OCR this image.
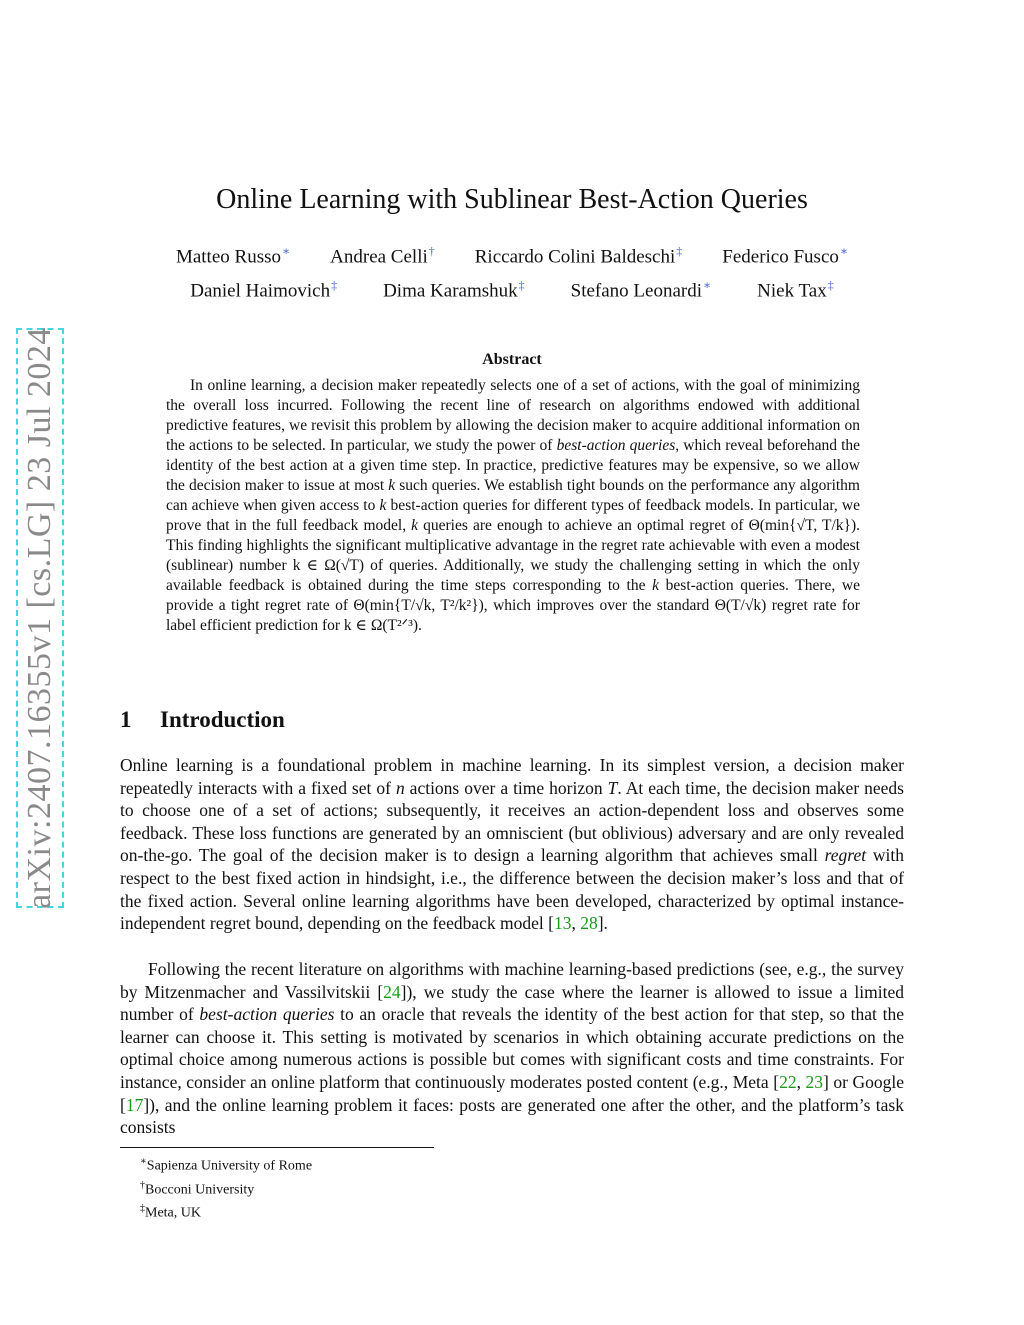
arXiv:2407.16355v1 [cs.LG] 23 Jul 2024
Online Learning with Sublinear Best-Action Queries
Matteo Russo∗ Andrea Celli† Riccardo Colini Baldeschi‡ Federico Fusco∗
Daniel Haimovich‡ Dima Karamshuk‡ Stefano Leonardi∗ Niek Tax‡
Abstract
In online learning, a decision maker repeatedly selects one of a set of actions, with the goal of minimizing the overall loss incurred. Following the recent line of research on algorithms endowed with additional predictive features, we revisit this problem by allowing the decision maker to acquire additional information on the actions to be selected. In particular, we study the power of best-action queries, which reveal beforehand the identity of the best action at a given time step. In practice, predictive features may be expensive, so we allow the decision maker to issue at most k such queries. We establish tight bounds on the performance any algorithm can achieve when given access to k best-action queries for different types of feedback models. In particular, we prove that in the full feedback model, k queries are enough to achieve an optimal regret of Θ(min{√T, T/k}). This finding highlights the significant multiplicative advantage in the regret rate achievable with even a modest (sublinear) number k ∈ Ω(√T) of queries. Additionally, we study the challenging setting in which the only available feedback is obtained during the time steps corresponding to the k best-action queries. There, we provide a tight regret rate of Θ(min{T/√k, T²/k²}), which improves over the standard Θ(T/√k) regret rate for label efficient prediction for k ∈ Ω(T²ᐟ³).
1 Introduction
Online learning is a foundational problem in machine learning. In its simplest version, a decision maker repeatedly interacts with a fixed set of n actions over a time horizon T. At each time, the decision maker needs to choose one of a set of actions; subsequently, it receives an action-dependent loss and observes some feedback. These loss functions are generated by an omniscient (but oblivious) adversary and are only revealed on-the-go. The goal of the decision maker is to design a learning algorithm that achieves small regret with respect to the best fixed action in hindsight, i.e., the difference between the decision maker’s loss and that of the fixed action. Several online learning algorithms have been developed, characterized by optimal instance-independent regret bound, depending on the feedback model [13, 28].
Following the recent literature on algorithms with machine learning-based predictions (see, e.g., the survey by Mitzenmacher and Vassilvitskii [24]), we study the case where the learner is allowed to issue a limited number of best-action queries to an oracle that reveals the identity of the best action for that step, so that the learner can choose it. This setting is motivated by scenarios in which obtaining accurate predictions on the optimal choice among numerous actions is possible but comes with significant costs and time constraints. For instance, consider an online platform that continuously moderates posted content (e.g., Meta [22, 23] or Google [17]), and the online learning problem it faces: posts are generated one after the other, and the platform’s task consists
∗Sapienza University of Rome
†Bocconi University
‡Meta, UK
